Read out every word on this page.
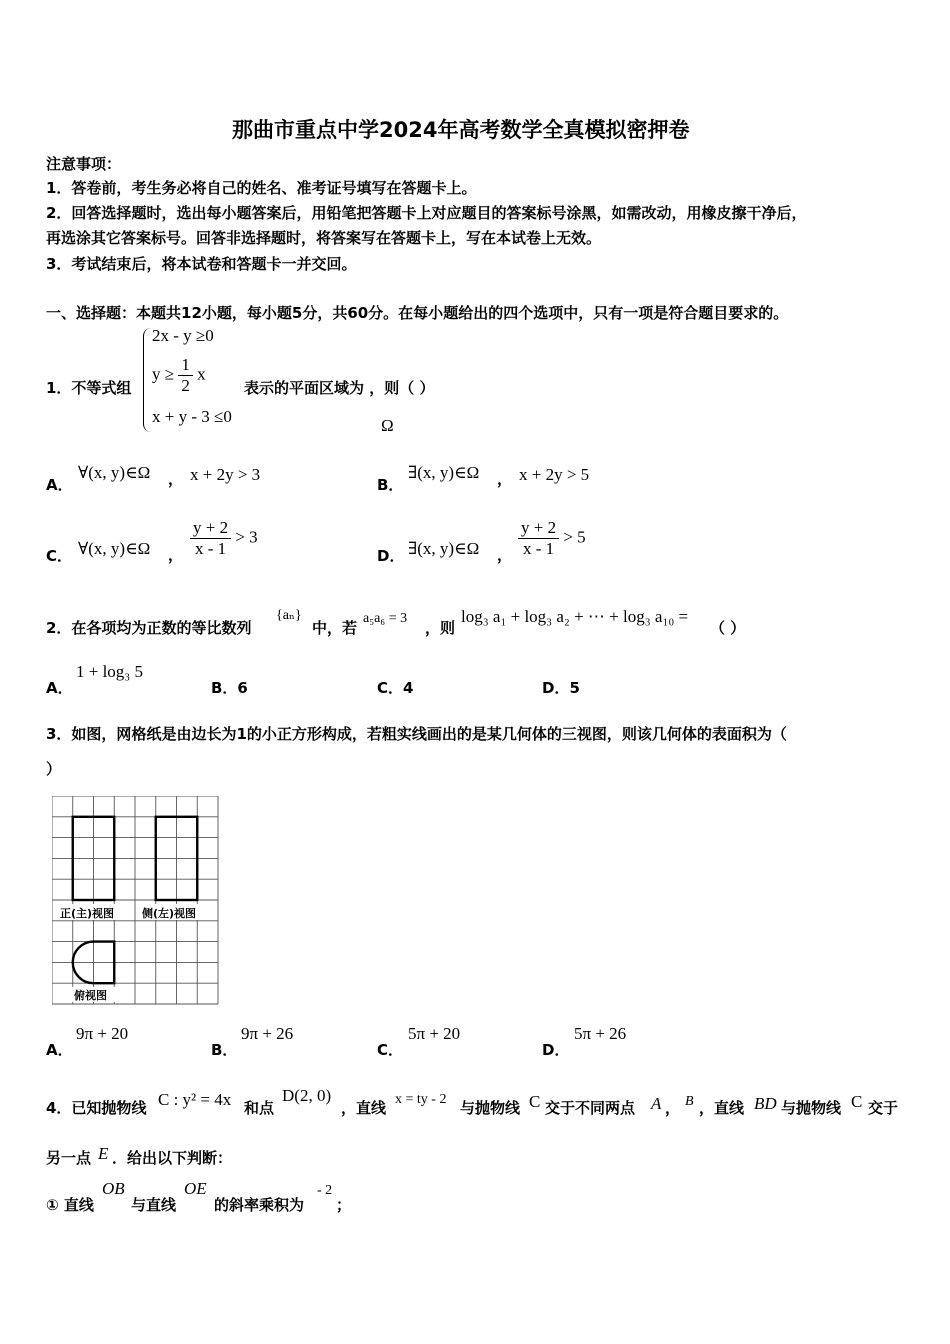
那曲市重点中学2024年高考数学全真模拟密押卷
注意事项：
1．答卷前，考生务必将自己的姓名、准考证号填写在答题卡上。
2．回答选择题时，选出每小题答案后，用铅笔把答题卡上对应题目的答案标号涂黑，如需改动，用橡皮擦干净后，
再选涂其它答案标号。回答非选择题时，将答案写在答题卡上，写在本试卷上无效。
3．考试结束后，将本试卷和答题卡一并交回。
一、选择题：本题共12小题，每小题5分，共60分。在每小题给出的四个选项中，只有一项是符合题目要求的。
1．不等式组
2x - y ≥0
$y \ge \frac{1}{2}$ x
x + y - 3 ≤0
表示的平面区域为 ，则（ ）
Ω
A．
∀(x, y)∈Ω ， x + 2y > 3
B．
∃(x, y)∈Ω ， x + 2y > 5
C． ∀(x, y)∈Ω ， $\frac{y + 2}{x - 1} > 3$
D． ∃(x, y)∈Ω ， $\frac{y + 2}{x - 1} > 5$
2．在各项均为正数的等比数列
{aₙ}
中，若
a₅a₆ = 3
，则
log₃ a₁ + log₃ a₂ + ⋯ + log₃ a₁₀ =
（ ）
A．
1 + log₃ 5
B．6	C．4	D．5
3．如图，网格纸是由边长为1的小正方形构成，若粗实线画出的是某几何体的三视图，则该几何体的表面积为（
）
正(主)视图	侧(左)视图
俯视图
A．
9π + 20
B．
9π + 26
C．
5π + 20
D．
5π + 26
4．已知抛物线 C : y² = 4x 和点
D(2, 0)
，直线 x = ty - 2 与抛物线 C 交于不同两点 A ， B ，直线 BD 与抛物线 C 交于
另一点 E ．给出以下判断：
① 直线
OB
与直线
OE
的斜率乘积为
- 2
；
